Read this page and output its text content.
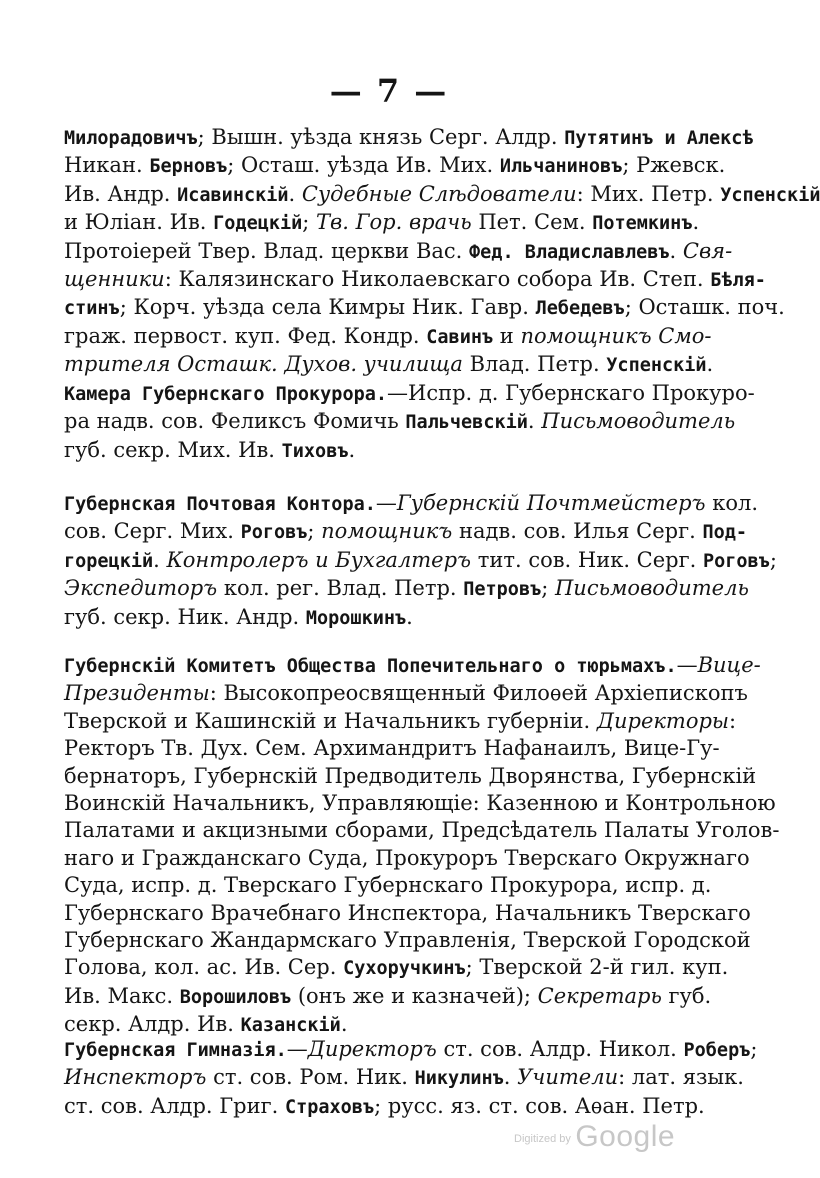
— 7 —
Милорадовичъ; Вышн. уѣзда князь Серг. Алдр. Путятинъ и Алексѣ
Никан. Берновъ; Осташ. уѣзда Ив. Мих. Ильчаниновъ; Ржевск.
Ив. Андр. Исавинскій. Судебные Слѣдователи: Мих. Петр. Успенскій
и Юліан. Ив. Годецкій; Тв. Гор. врачь Пет. Сем. Потемкинъ.
Протоіерей Твер. Влад. церкви Вас. Фед. Владиславлевъ. Свя-
щенники: Калязинскаго Николаевскаго собора Ив. Степ. Бѣля-
стинъ; Корч. уѣзда села Кимры Ник. Гавр. Лебедевъ; Осташк. поч.
граж. первост. куп. Фед. Кондр. Савинъ и помощникъ Смо-
трителя Осташк. Духов. училища Влад. Петр. Успенскій.
Камера Губернскаго Прокурора.—Испр. д. Губернскаго Прокуро-
ра надв. сов. Феликсъ Фомичь Пальчевскій. Письмоводитель
губ. секр. Мих. Ив. Тиховъ.
Губернская Почтовая Контора.—Губернскій Почтмейстеръ кол.
сов. Серг. Мих. Роговъ; помощникъ надв. сов. Илья Серг. Под-
горецкій. Контролеръ и Бухгалтеръ тит. сов. Ник. Серг. Роговъ;
Экспедиторъ кол. рег. Влад. Петр. Петровъ; Письмоводитель
губ. секр. Ник. Андр. Морошкинъ.
Губернскій Комитетъ Общества Попечительнаго о тюрьмахъ.—Вице-
Президенты: Высокопреосвященный Филоѳей Архіепископъ
Тверской и Кашинскій и Начальникъ губерніи. Директоры:
Ректоръ Тв. Дух. Сем. Архимандритъ Нафанаилъ, Вице-Гу-
бернаторъ, Губернскій Предводитель Дворянства, Губернскій
Воинскій Начальникъ, Управляющіе: Казенною и Контрольною
Палатами и акцизными сборами, Предсѣдатель Палаты Уголов-
наго и Гражданскаго Суда, Прокуроръ Тверскаго Окружнаго
Суда, испр. д. Тверскаго Губернскаго Прокурора, испр. д.
Губернскаго Врачебнаго Инспектора, Начальникъ Тверскаго
Губернскаго Жандармскаго Управленія, Тверской Городской
Голова, кол. ас. Ив. Сер. Сухоручкинъ; Тверской 2-й гил. куп.
Ив. Макс. Ворошиловъ (онъ же и казначей); Секретарь губ.
секр. Алдр. Ив. Казанскій.
Губернская Гимназія.—Директоръ ст. сов. Алдр. Никол. Роберъ;
Инспекторъ ст. сов. Ром. Ник. Никулинъ. Учители: лат. язык.
ст. сов. Алдр. Григ. Страховъ; русс. яз. ст. сов. Аѳан. Петр.
$^{Digitized by}$ Google
